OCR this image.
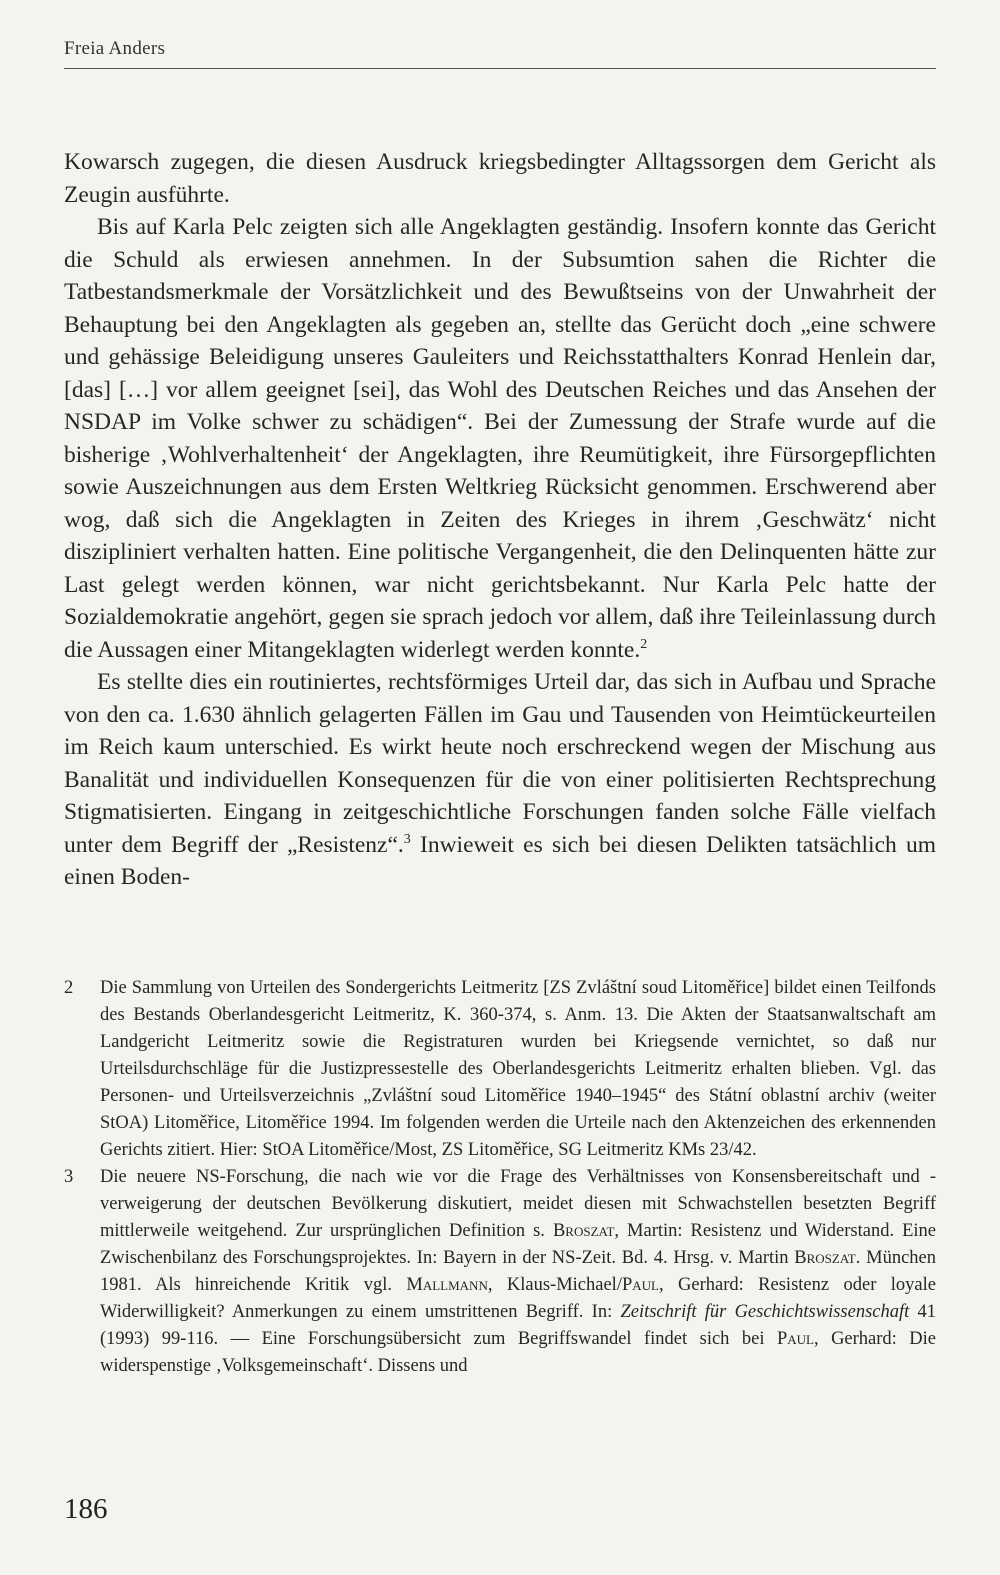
Freia Anders

Kowarsch zugegen, die diesen Ausdruck kriegsbedingter Alltagssorgen dem Gericht als Zeugin ausführte.

Bis auf Karla Pelc zeigten sich alle Angeklagten geständig. Insofern konnte das Gericht die Schuld als erwiesen annehmen. In der Subsumtion sahen die Richter die Tatbestandsmerkmale der Vorsätzlichkeit und des Bewußtseins von der Unwahrheit der Behauptung bei den Angeklagten als gegeben an, stellte das Gerücht doch „eine schwere und gehässige Beleidigung unseres Gauleiters und Reichsstatthalters Konrad Henlein dar, [das] […] vor allem geeignet [sei], das Wohl des Deutschen Reiches und das Ansehen der NSDAP im Volke schwer zu schädigen“. Bei der Zumessung der Strafe wurde auf die bisherige ‚Wohlverhaltenheit‘ der Angeklagten, ihre Reumütigkeit, ihre Fürsorgepflichten sowie Auszeichnungen aus dem Ersten Weltkrieg Rücksicht genommen. Erschwerend aber wog, daß sich die Angeklagten in Zeiten des Krieges in ihrem ‚Geschwätz‘ nicht diszipliniert verhalten hatten. Eine politische Vergangenheit, die den Delinquenten hätte zur Last gelegt werden können, war nicht gerichtsbekannt. Nur Karla Pelc hatte der Sozialdemokratie angehört, gegen sie sprach jedoch vor allem, daß ihre Teileinlassung durch die Aussagen einer Mitangeklagten widerlegt werden konnte.$^2$

Es stellte dies ein routiniertes, rechtsförmiges Urteil dar, das sich in Aufbau und Sprache von den ca. 1.630 ähnlich gelagerten Fällen im Gau und Tausenden von Heimtückeurteilen im Reich kaum unterschied. Es wirkt heute noch erschreckend wegen der Mischung aus Banalität und individuellen Konsequenzen für die von einer politisierten Rechtsprechung Stigmatisierten. Eingang in zeitgeschichtliche Forschungen fanden solche Fälle vielfach unter dem Begriff der „Resistenz“.$^3$ Inwieweit es sich bei diesen Delikten tatsächlich um einen Boden-

2	Die Sammlung von Urteilen des Sondergerichts Leitmeritz [ZS Zvláštní soud Litoměřice] bildet einen Teilfonds des Bestands Oberlandesgericht Leitmeritz, K. 360-374, s. Anm. 13. Die Akten der Staatsanwaltschaft am Landgericht Leitmeritz sowie die Registraturen wurden bei Kriegsende vernichtet, so daß nur Urteilsdurchschläge für die Justizpressestelle des Oberlandesgerichts Leitmeritz erhalten blieben. Vgl. das Personen- und Urteilsverzeichnis „Zvláštní soud Litoměřice 1940–1945“ des Státní oblastní archiv (weiter StOA) Litoměřice, Litoměřice 1994. Im folgenden werden die Urteile nach den Aktenzeichen des erkennenden Gerichts zitiert. Hier: StOA Litoměřice/Most, ZS Litoměřice, SG Leitmeritz KMs 23/42.
3	Die neuere NS-Forschung, die nach wie vor die Frage des Verhältnisses von Konsensbereitschaft und -verweigerung der deutschen Bevölkerung diskutiert, meidet diesen mit Schwachstellen besetzten Begriff mittlerweile weitgehend. Zur ursprünglichen Definition s. Broszat, Martin: Resistenz und Widerstand. Eine Zwischenbilanz des Forschungsprojektes. In: Bayern in der NS-Zeit. Bd. 4. Hrsg. v. Martin Broszat. München 1981. Als hinreichende Kritik vgl. Mallmann, Klaus-Michael/Paul, Gerhard: Resistenz oder loyale Widerwilligkeit? Anmerkungen zu einem umstrittenen Begriff. In: Zeitschrift für Geschichtswissenschaft 41 (1993) 99-116. — Eine Forschungsübersicht zum Begriffswandel findet sich bei Paul, Gerhard: Die widerspenstige ‚Volksgemeinschaft‘. Dissens und
186
